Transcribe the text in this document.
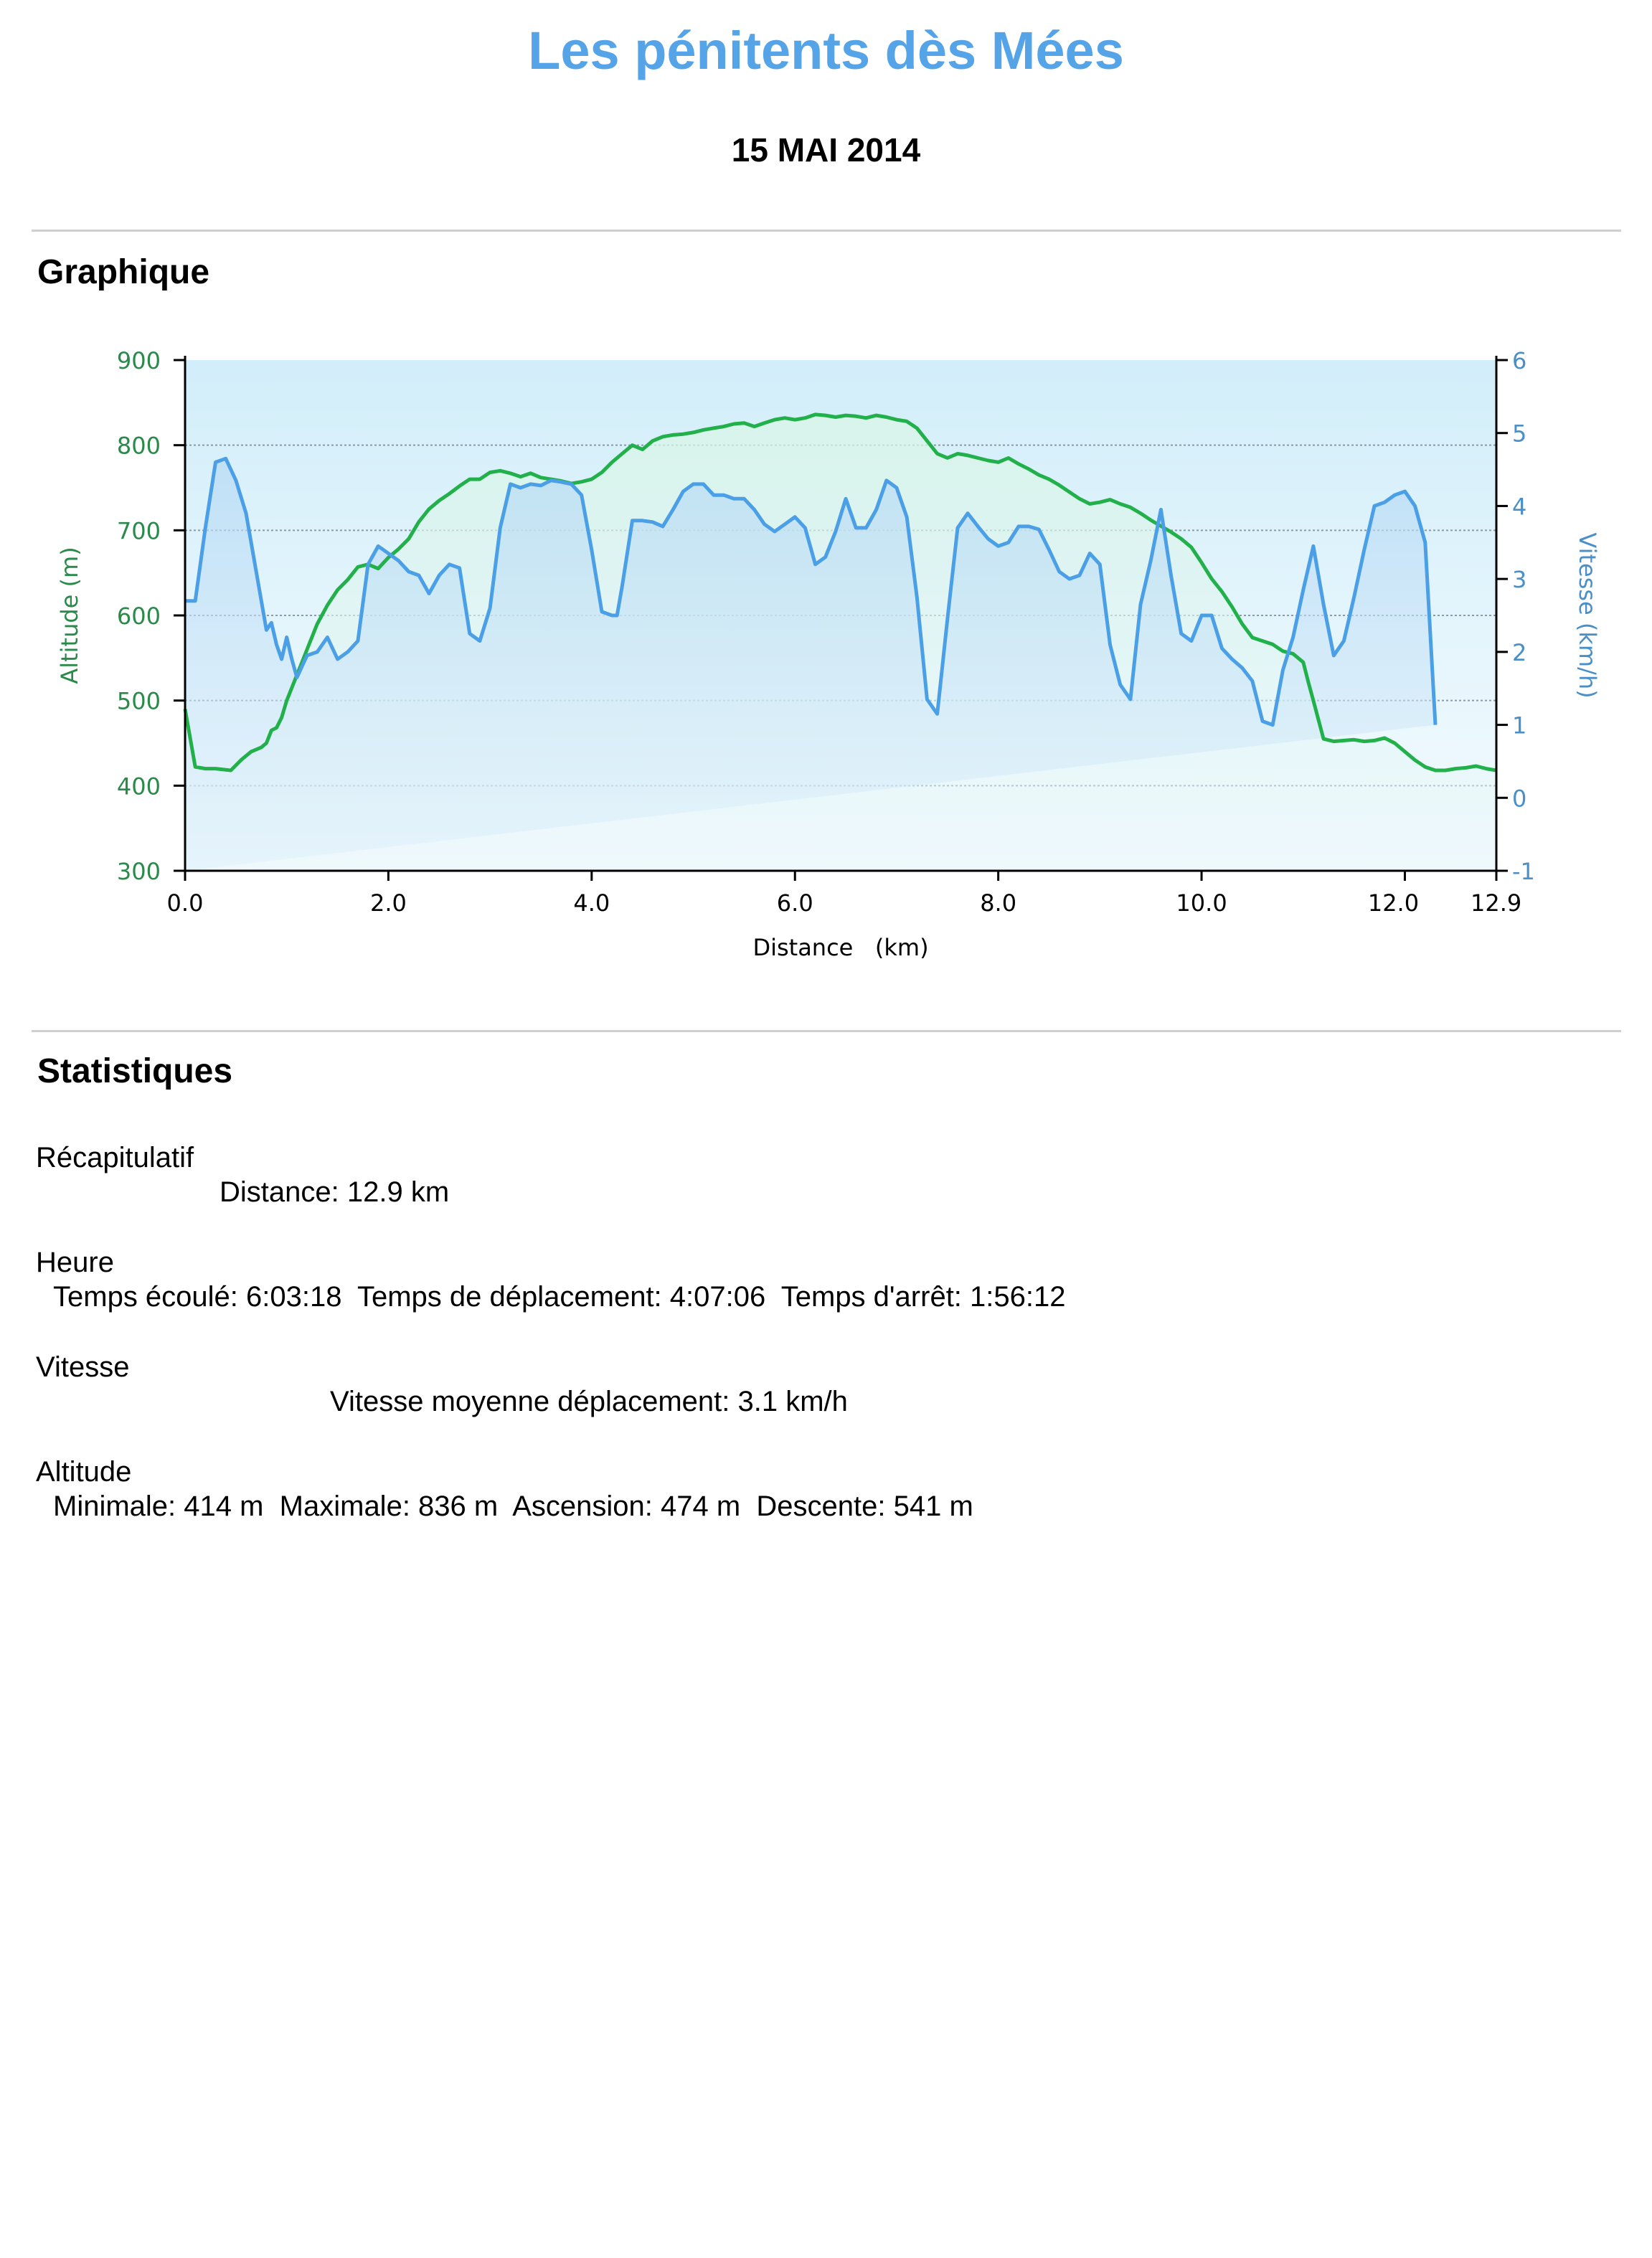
Les pénitents dès Mées
15 MAI 2014
Graphique
300
400
500
600
700
800
900
-1
0
1
2
3
4
5
6
0.0	2.0	4.0	6.0	8.0	10.0	12.0 12.9
Altitude (m)	Vitesse (km/h)
Distance   (km)
Statistiques
Récapitulatif
Distance: 12.9 km
Heure
Temps écoulé: 6:03:18  Temps de déplacement: 4:07:06  Temps d'arrêt: 1:56:12
Vitesse
Vitesse moyenne déplacement: 3.1 km/h
Altitude
Minimale: 414 m  Maximale: 836 m  Ascension: 474 m  Descente: 541 m
